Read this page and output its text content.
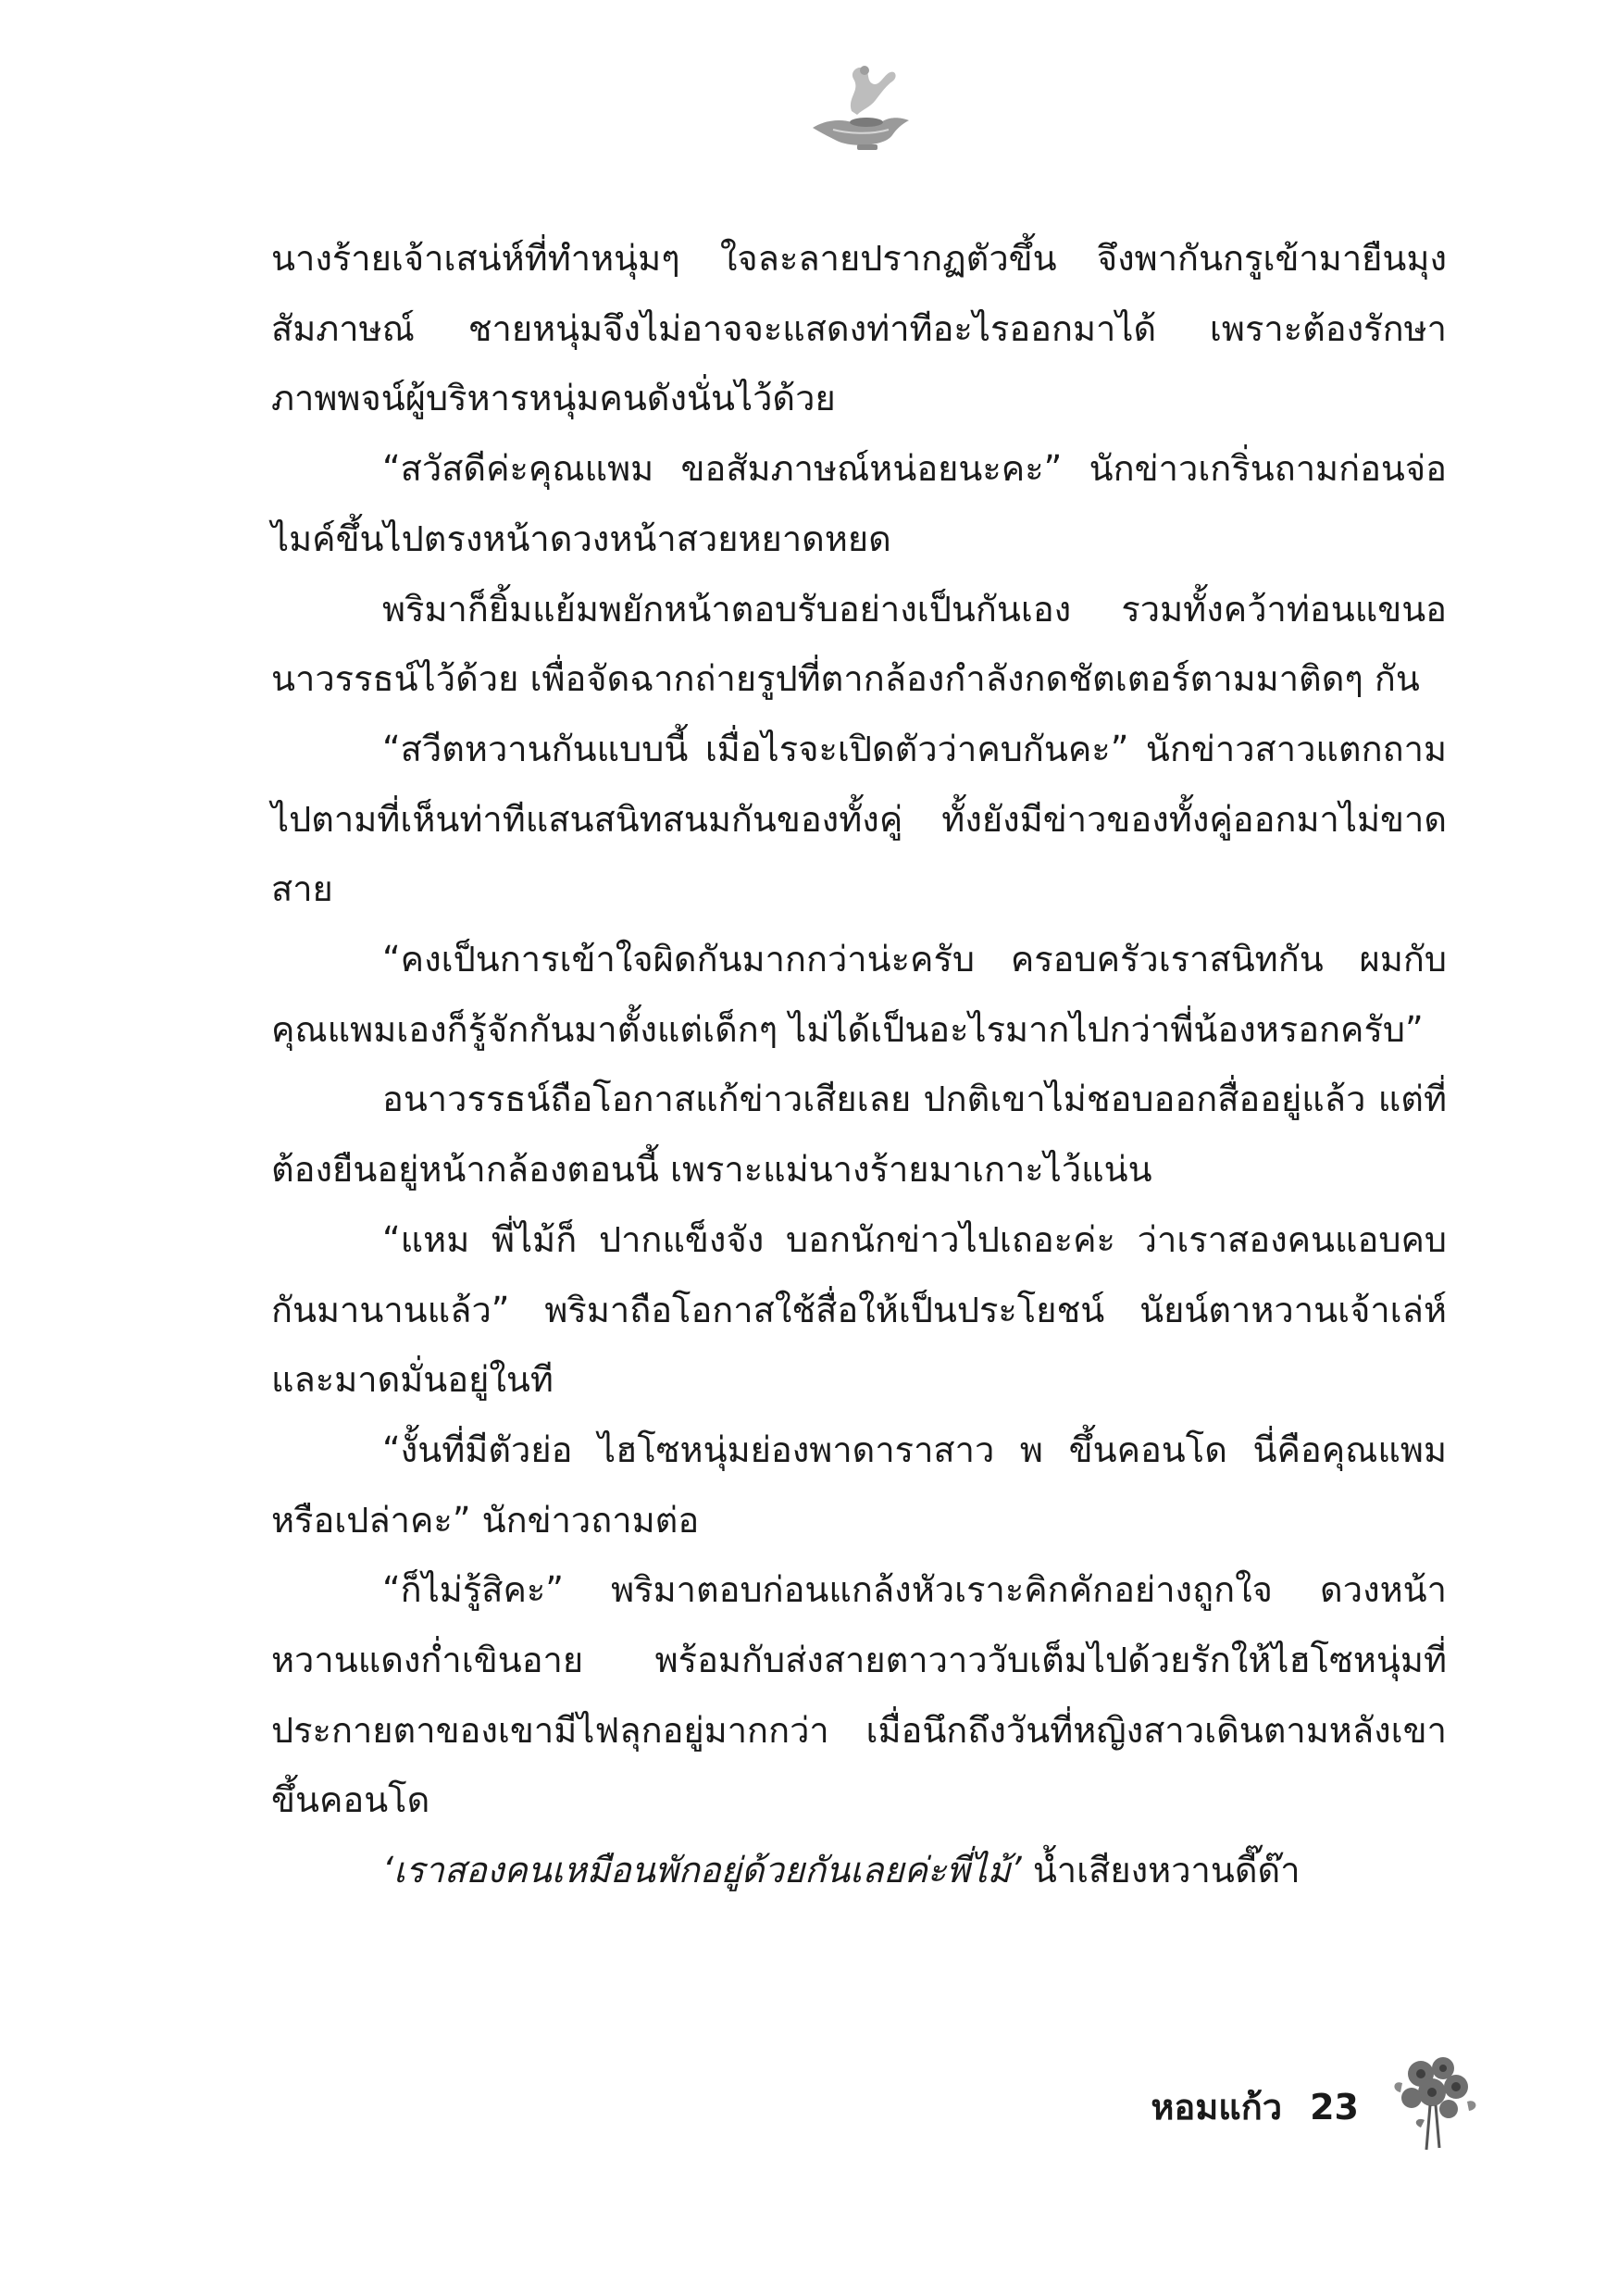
นางร้ายเจ้าเสน่ห์ที่ทำหนุ่มๆ ใจละลายปรากฏตัวขึ้น จึงพากันกรูเข้ามายืนมุงสัมภาษณ์ ชายหนุ่มจึงไม่อาจจะแสดงท่าทีอะไรออกมาได้ เพราะต้องรักษาภาพพจน์ผู้บริหารหนุ่มคนดังนั่นไว้ด้วย

“สวัสดีค่ะคุณแพม ขอสัมภาษณ์หน่อยนะคะ” นักข่าวเกริ่นถามก่อนจ่อไมค์ขึ้นไปตรงหน้าดวงหน้าสวยหยาดหยด

พริมาก็ยิ้มแย้มพยักหน้าตอบรับอย่างเป็นกันเอง รวมทั้งคว้าท่อนแขนอนาวรรธน์ไว้ด้วย เพื่อจัดฉากถ่ายรูปที่ตากล้องกำลังกดชัตเตอร์ตามมาติดๆ กัน

“สวีตหวานกันแบบนี้ เมื่อไรจะเปิดตัวว่าคบกันคะ” นักข่าวสาวแตกถามไปตามที่เห็นท่าทีแสนสนิทสนมกันของทั้งคู่ ทั้งยังมีข่าวของทั้งคู่ออกมาไม่ขาดสาย

“คงเป็นการเข้าใจผิดกันมากกว่าน่ะครับ ครอบครัวเราสนิทกัน ผมกับคุณแพมเองก็รู้จักกันมาตั้งแต่เด็กๆ ไม่ได้เป็นอะไรมากไปกว่าพี่น้องหรอกครับ”

อนาวรรธน์ถือโอกาสแก้ข่าวเสียเลย ปกติเขาไม่ชอบออกสื่ออยู่แล้ว แต่ที่ต้องยืนอยู่หน้ากล้องตอนนี้ เพราะแม่นางร้ายมาเกาะไว้แน่น

“แหม พี่ไม้ก็ ปากแข็งจัง บอกนักข่าวไปเถอะค่ะ ว่าเราสองคนแอบคบกันมานานแล้ว” พริมาถือโอกาสใช้สื่อให้เป็นประโยชน์ นัยน์ตาหวานเจ้าเล่ห์และมาดมั่นอยู่ในที

“งั้นที่มีตัวย่อ ไฮโซหนุ่มย่องพาดาราสาว พ ขึ้นคอนโด นี่คือคุณแพมหรือเปล่าคะ” นักข่าวถามต่อ

“ก็ไม่รู้สิคะ” พริมาตอบก่อนแกล้งหัวเราะคิกคักอย่างถูกใจ ดวงหน้าหวานแดงก่ำเขินอาย พร้อมกับส่งสายตาวาววับเต็มไปด้วยรักให้ไฮโซหนุ่มที่ประกายตาของเขามีไฟลุกอยู่มากกว่า เมื่อนึกถึงวันที่หญิงสาวเดินตามหลังเขาขึ้นคอนโด

‘เราสองคนเหมือนพักอยู่ด้วยกันเลยค่ะพี่ไม้’ น้ำเสียงหวานดี๊ด๊า

หอมแก้ว 23
